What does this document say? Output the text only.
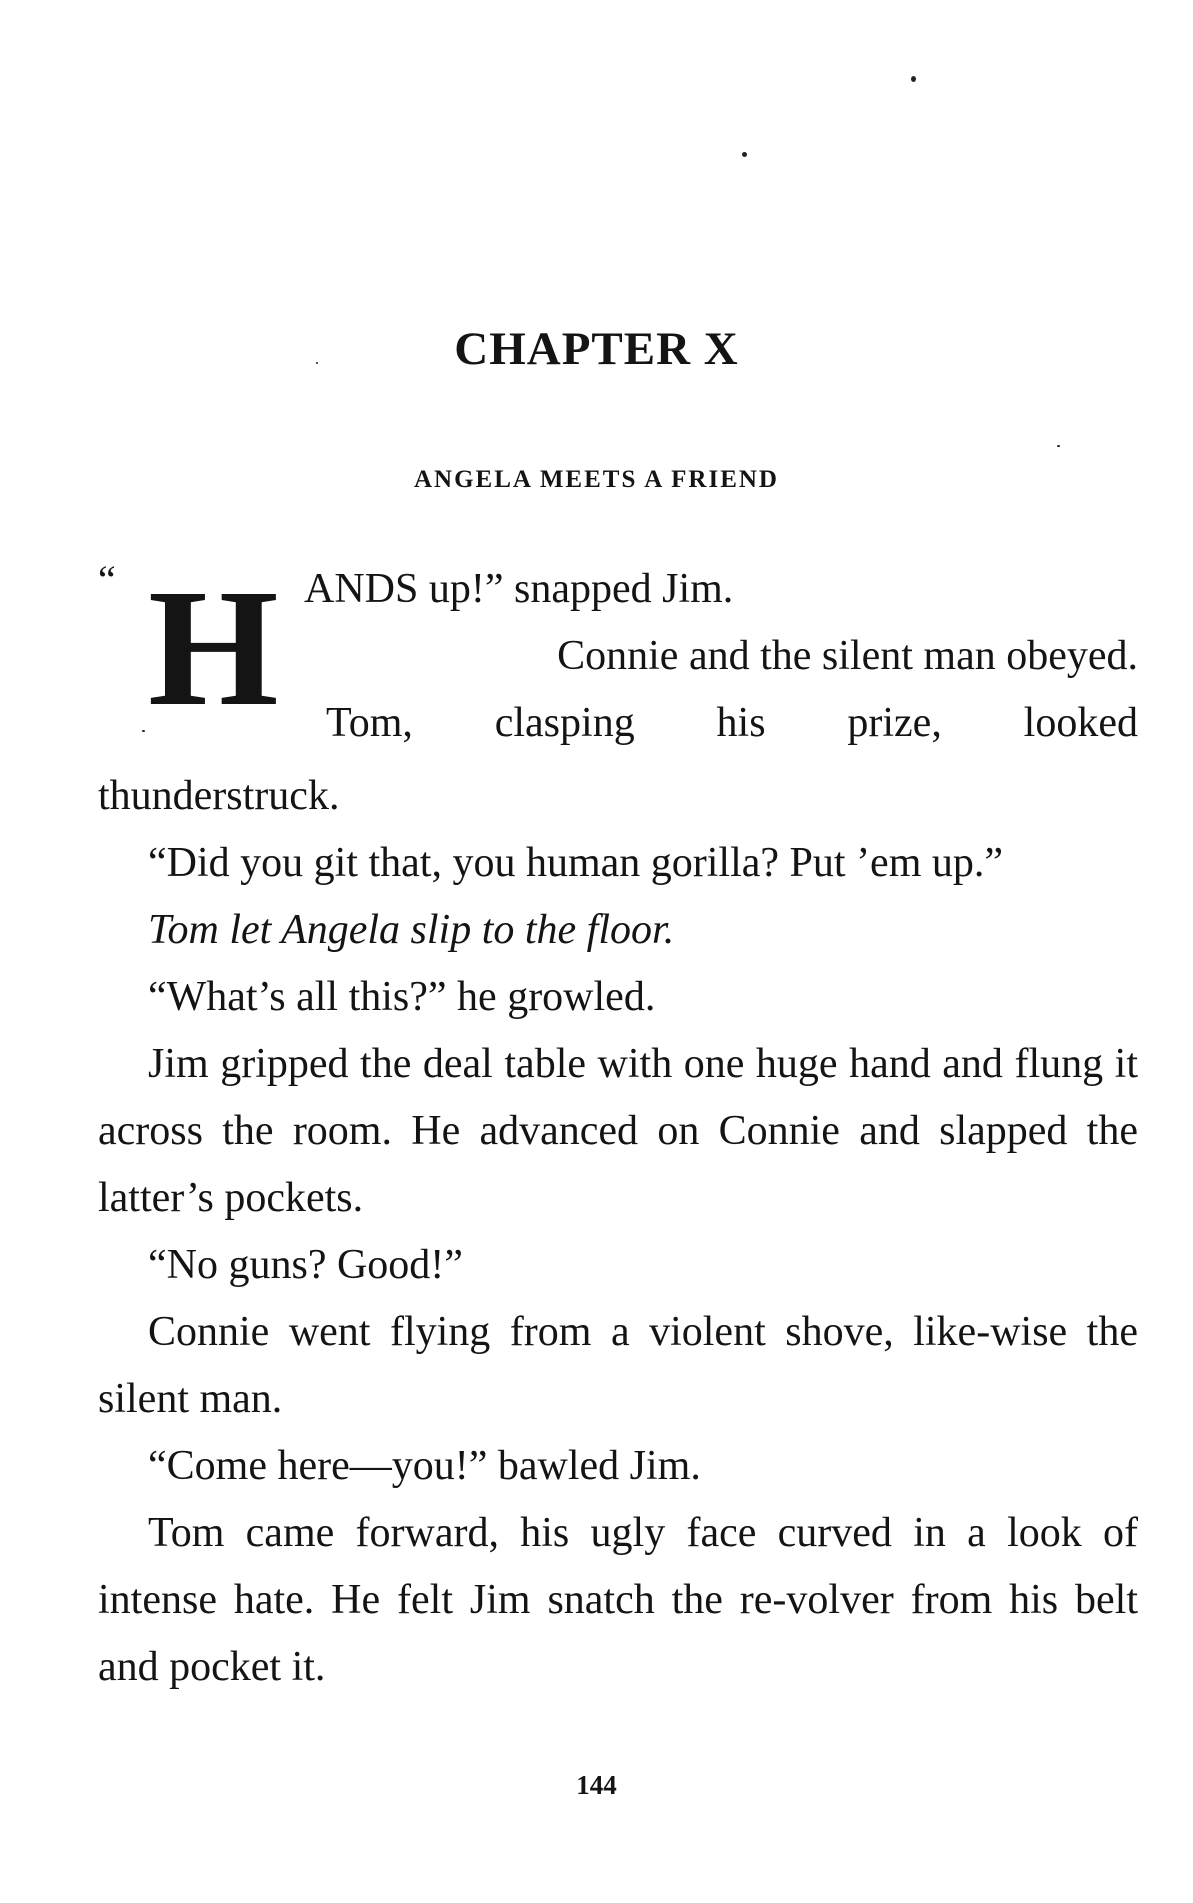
CHAPTER X
ANGELA MEETS A FRIEND
“ H ANDS up!” snapped Jim.
Connie and the silent man obeyed.
Tom, clasping his prize, looked

thunderstruck.

“Did you git that, you human gorilla? Put ’em up.”

Tom let Angela slip to the floor.

“What’s all this?” he growled.

Jim gripped the deal table with one huge hand and flung it across the room. He advanced on Connie and slapped the latter’s pockets.

“No guns? Good!”

Connie went flying from a violent shove, like-wise the silent man.

“Come here—you!” bawled Jim.

Tom came forward, his ugly face curved in a look of intense hate. He felt Jim snatch the re-volver from his belt and pocket it.

144
